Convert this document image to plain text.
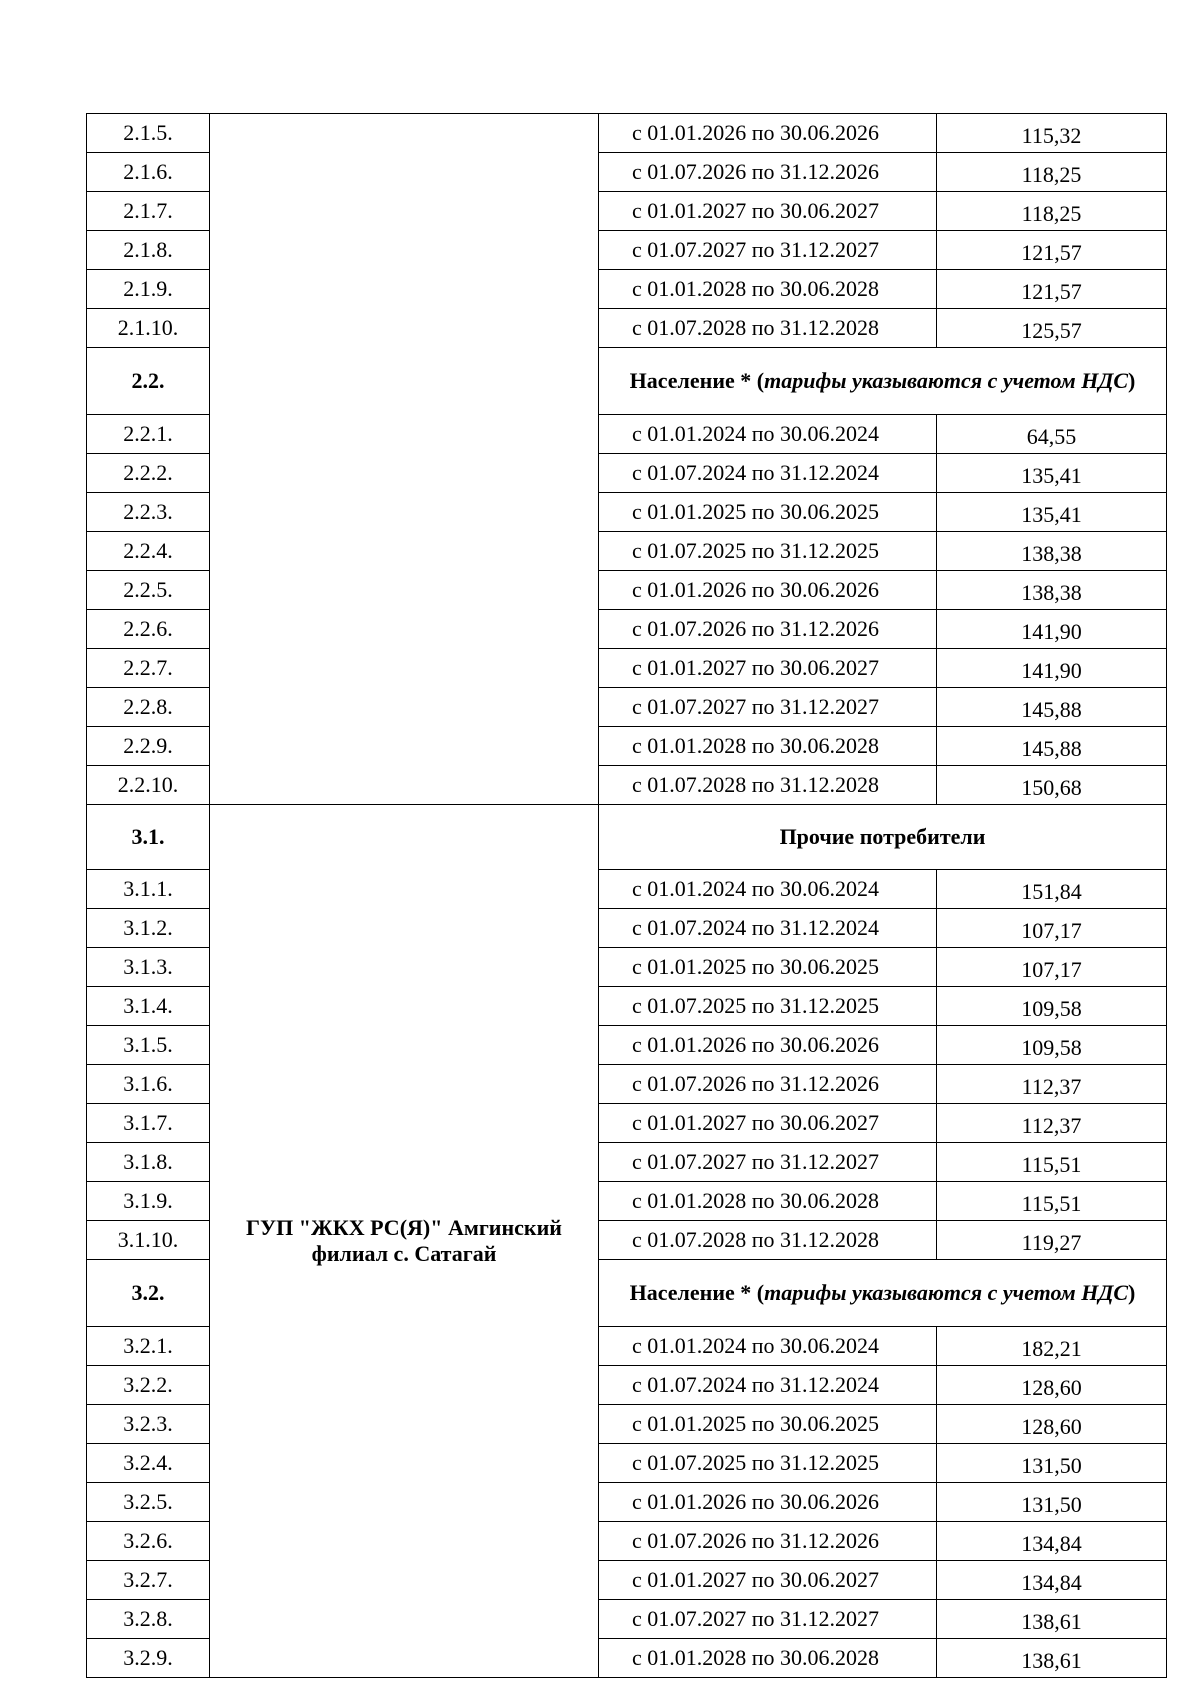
2.1.5.		с 01.01.2026 по 30.06.2026	115,32
2.1.6.		с 01.07.2026 по 31.12.2026	118,25
2.1.7.		с 01.01.2027 по 30.06.2027	118,25
2.1.8.		с 01.07.2027 по 31.12.2027	121,57
2.1.9.		с 01.01.2028 по 30.06.2028	121,57
2.1.10.		с 01.07.2028 по 31.12.2028	125,57
2.2.		Население * (тарифы указываются с учетом НДС)	
2.2.1.		с 01.01.2024 по 30.06.2024	64,55
2.2.2.		с 01.07.2024 по 31.12.2024	135,41
2.2.3.		с 01.01.2025 по 30.06.2025	135,41
2.2.4.		с 01.07.2025 по 31.12.2025	138,38
2.2.5.		с 01.01.2026 по 30.06.2026	138,38
2.2.6.		с 01.07.2026 по 31.12.2026	141,90
2.2.7.		с 01.01.2027 по 30.06.2027	141,90
2.2.8.		с 01.07.2027 по 31.12.2027	145,88
2.2.9.		с 01.01.2028 по 30.06.2028	145,88
2.2.10.		с 01.07.2028 по 31.12.2028	150,68
3.1.	ГУП "ЖКХ РС(Я)" Амгинский филиал с. Сатагай	Прочие потребители	
3.1.1.		с 01.01.2024 по 30.06.2024	151,84
3.1.2.		с 01.07.2024 по 31.12.2024	107,17
3.1.3.		с 01.01.2025 по 30.06.2025	107,17
3.1.4.		с 01.07.2025 по 31.12.2025	109,58
3.1.5.		с 01.01.2026 по 30.06.2026	109,58
3.1.6.		с 01.07.2026 по 31.12.2026	112,37
3.1.7.		с 01.01.2027 по 30.06.2027	112,37
3.1.8.		с 01.07.2027 по 31.12.2027	115,51
3.1.9.		с 01.01.2028 по 30.06.2028	115,51
3.1.10.		с 01.07.2028 по 31.12.2028	119,27
3.2.		Население * (тарифы указываются с учетом НДС)	
3.2.1.		с 01.01.2024 по 30.06.2024	182,21
3.2.2.		с 01.07.2024 по 31.12.2024	128,60
3.2.3.		с 01.01.2025 по 30.06.2025	128,60
3.2.4.		с 01.07.2025 по 31.12.2025	131,50
3.2.5.		с 01.01.2026 по 30.06.2026	131,50
3.2.6.		с 01.07.2026 по 31.12.2026	134,84
3.2.7.		с 01.01.2027 по 30.06.2027	134,84
3.2.8.		с 01.07.2027 по 31.12.2027	138,61
3.2.9.		с 01.01.2028 по 30.06.2028	138,61
